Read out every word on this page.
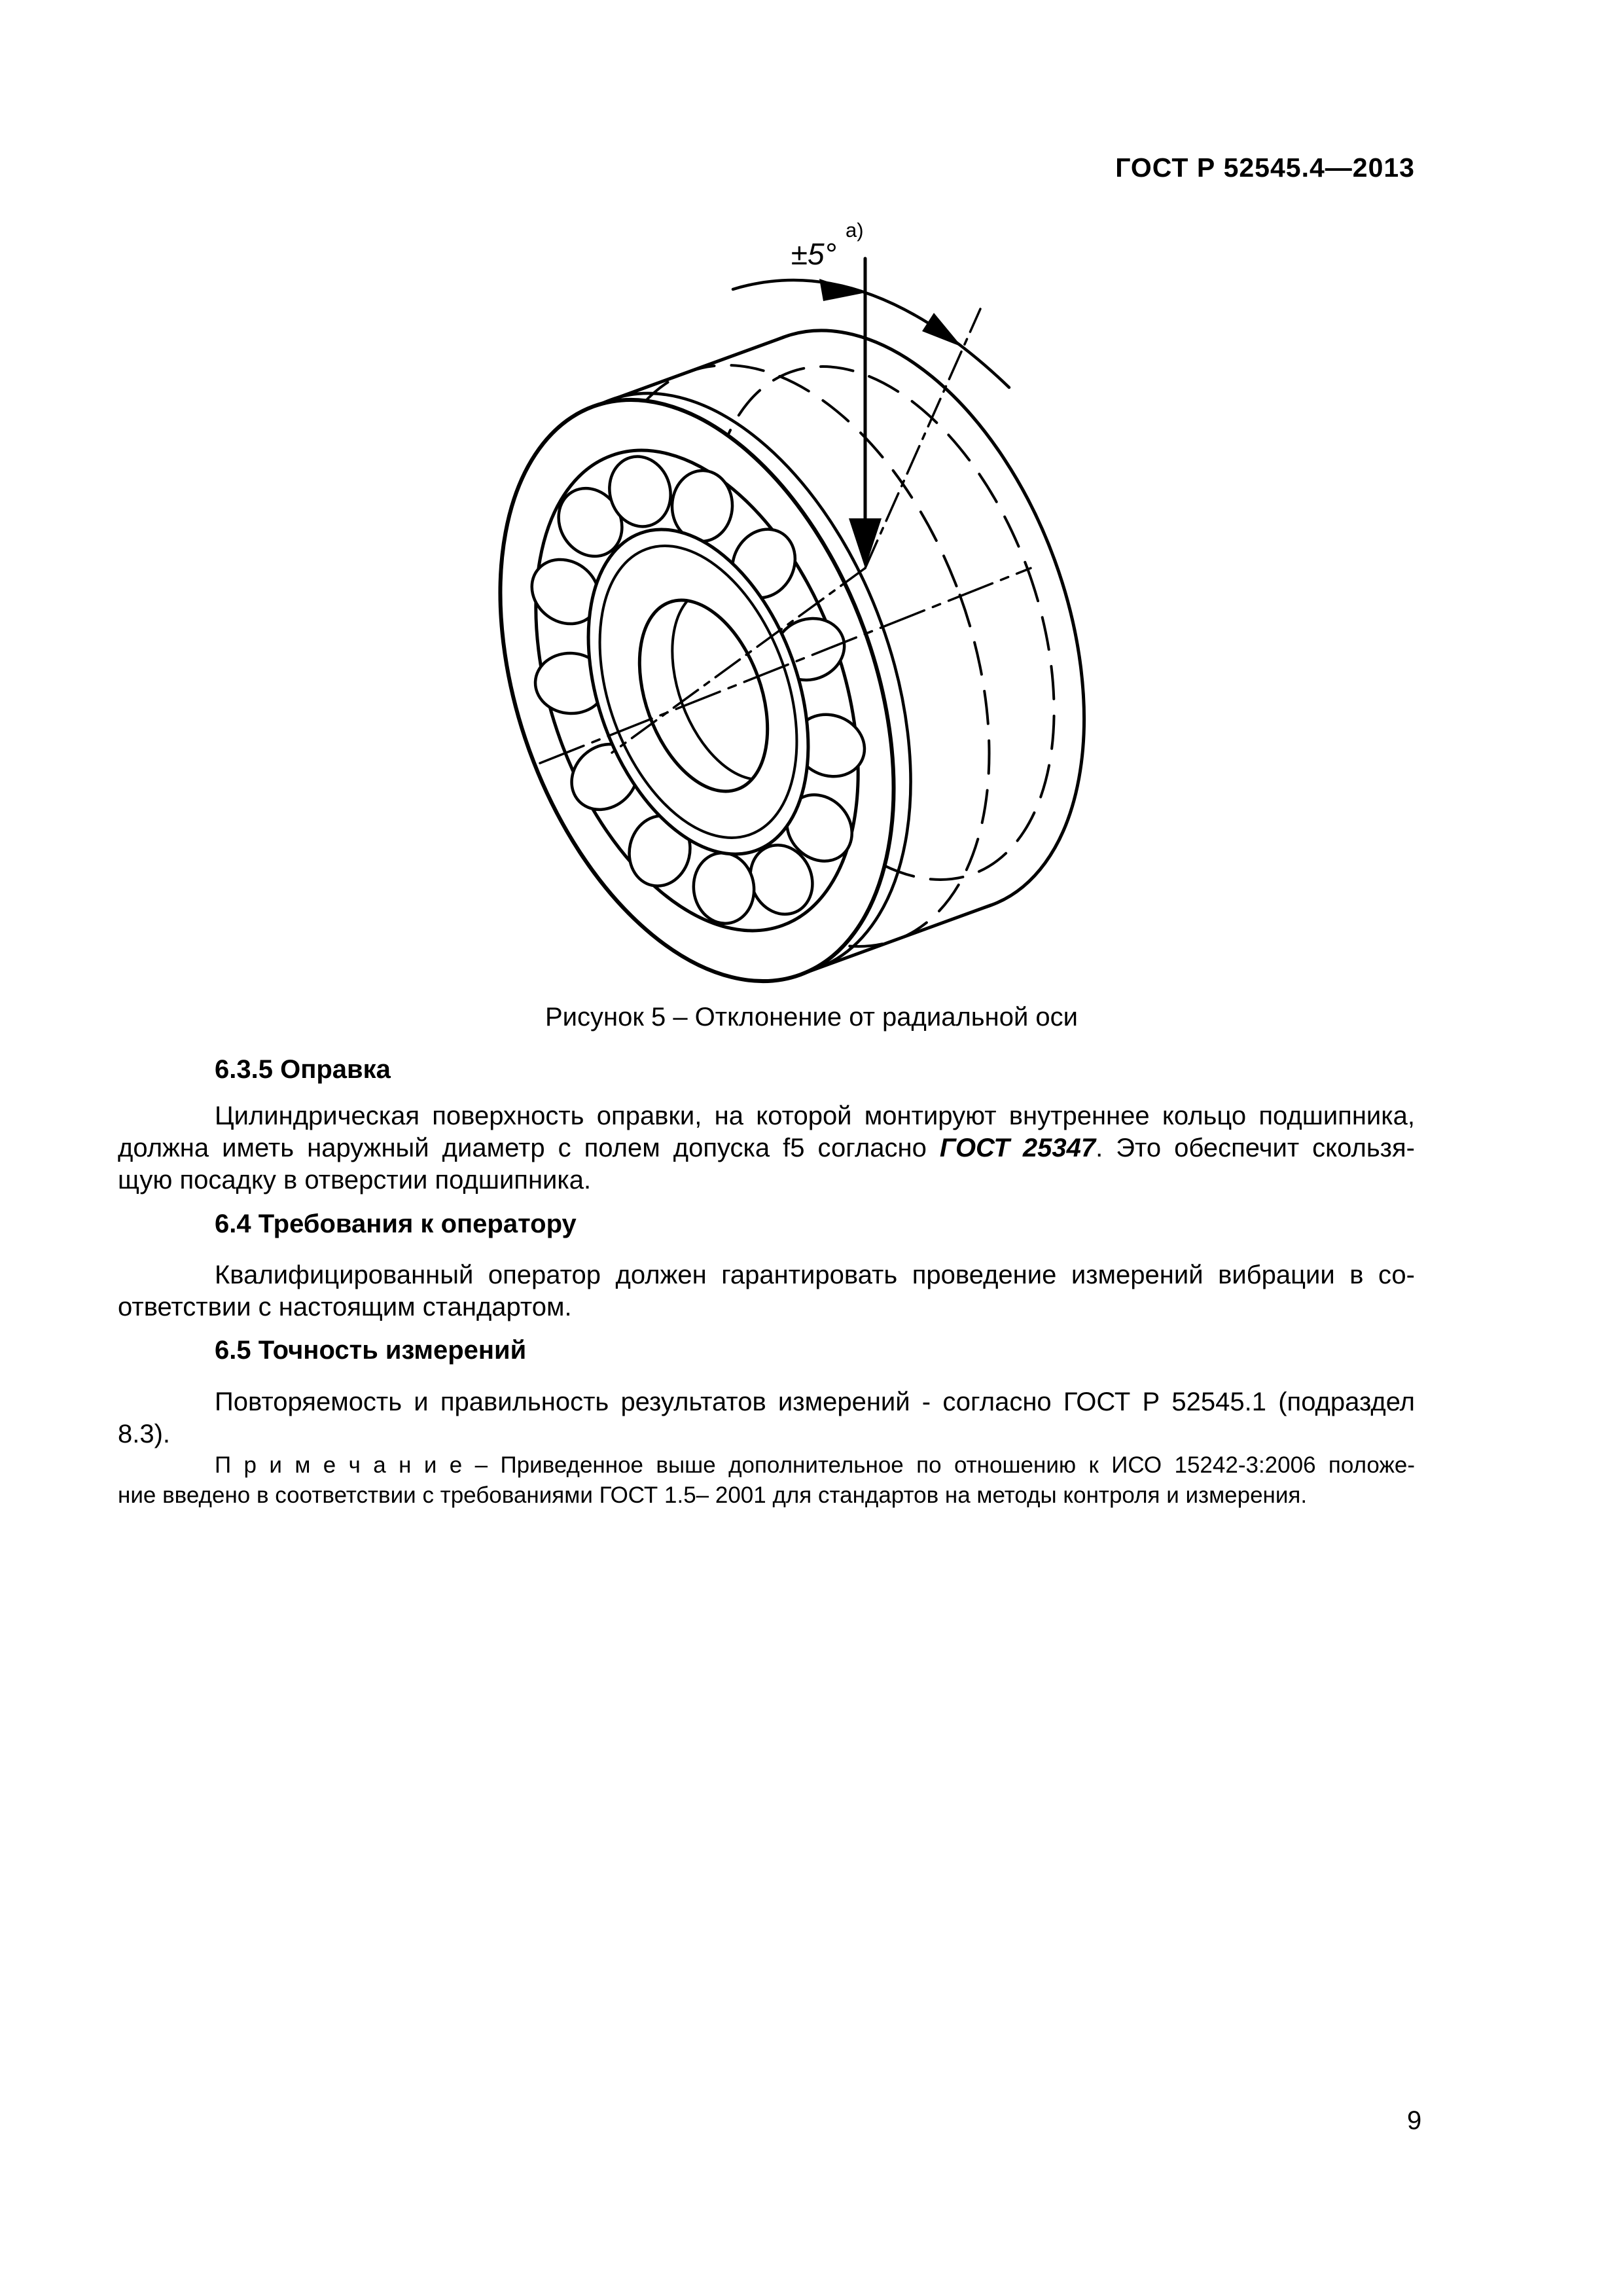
ГОСТ Р 52545.4—2013
±5°
а)
Рисунок 5 – Отклонение от радиальной оси
6.3.5 Оправка
Цилиндрическая поверхность оправки, на которой монтируют внутреннее кольцо подшипника,
должна иметь наружный диаметр с полем допуска f5 согласно ГОСТ 25347. Это обеспечит скользя-
щую посадку в отверстии подшипника.
6.4 Требования к оператору
Квалифицированный оператор должен гарантировать проведение измерений вибрации в со-
ответствии с настоящим стандартом.
6.5 Точность измерений
Повторяемость и правильность результатов измерений - согласно ГОСТ Р 52545.1 (подраздел
8.3).
П р и м е ч а н и е – Приведенное выше дополнительное по отношению к ИСО 15242-3:2006 положе-
ние введено в соответствии с требованиями ГОСТ 1.5– 2001 для стандартов на методы контроля и измерения.
9
